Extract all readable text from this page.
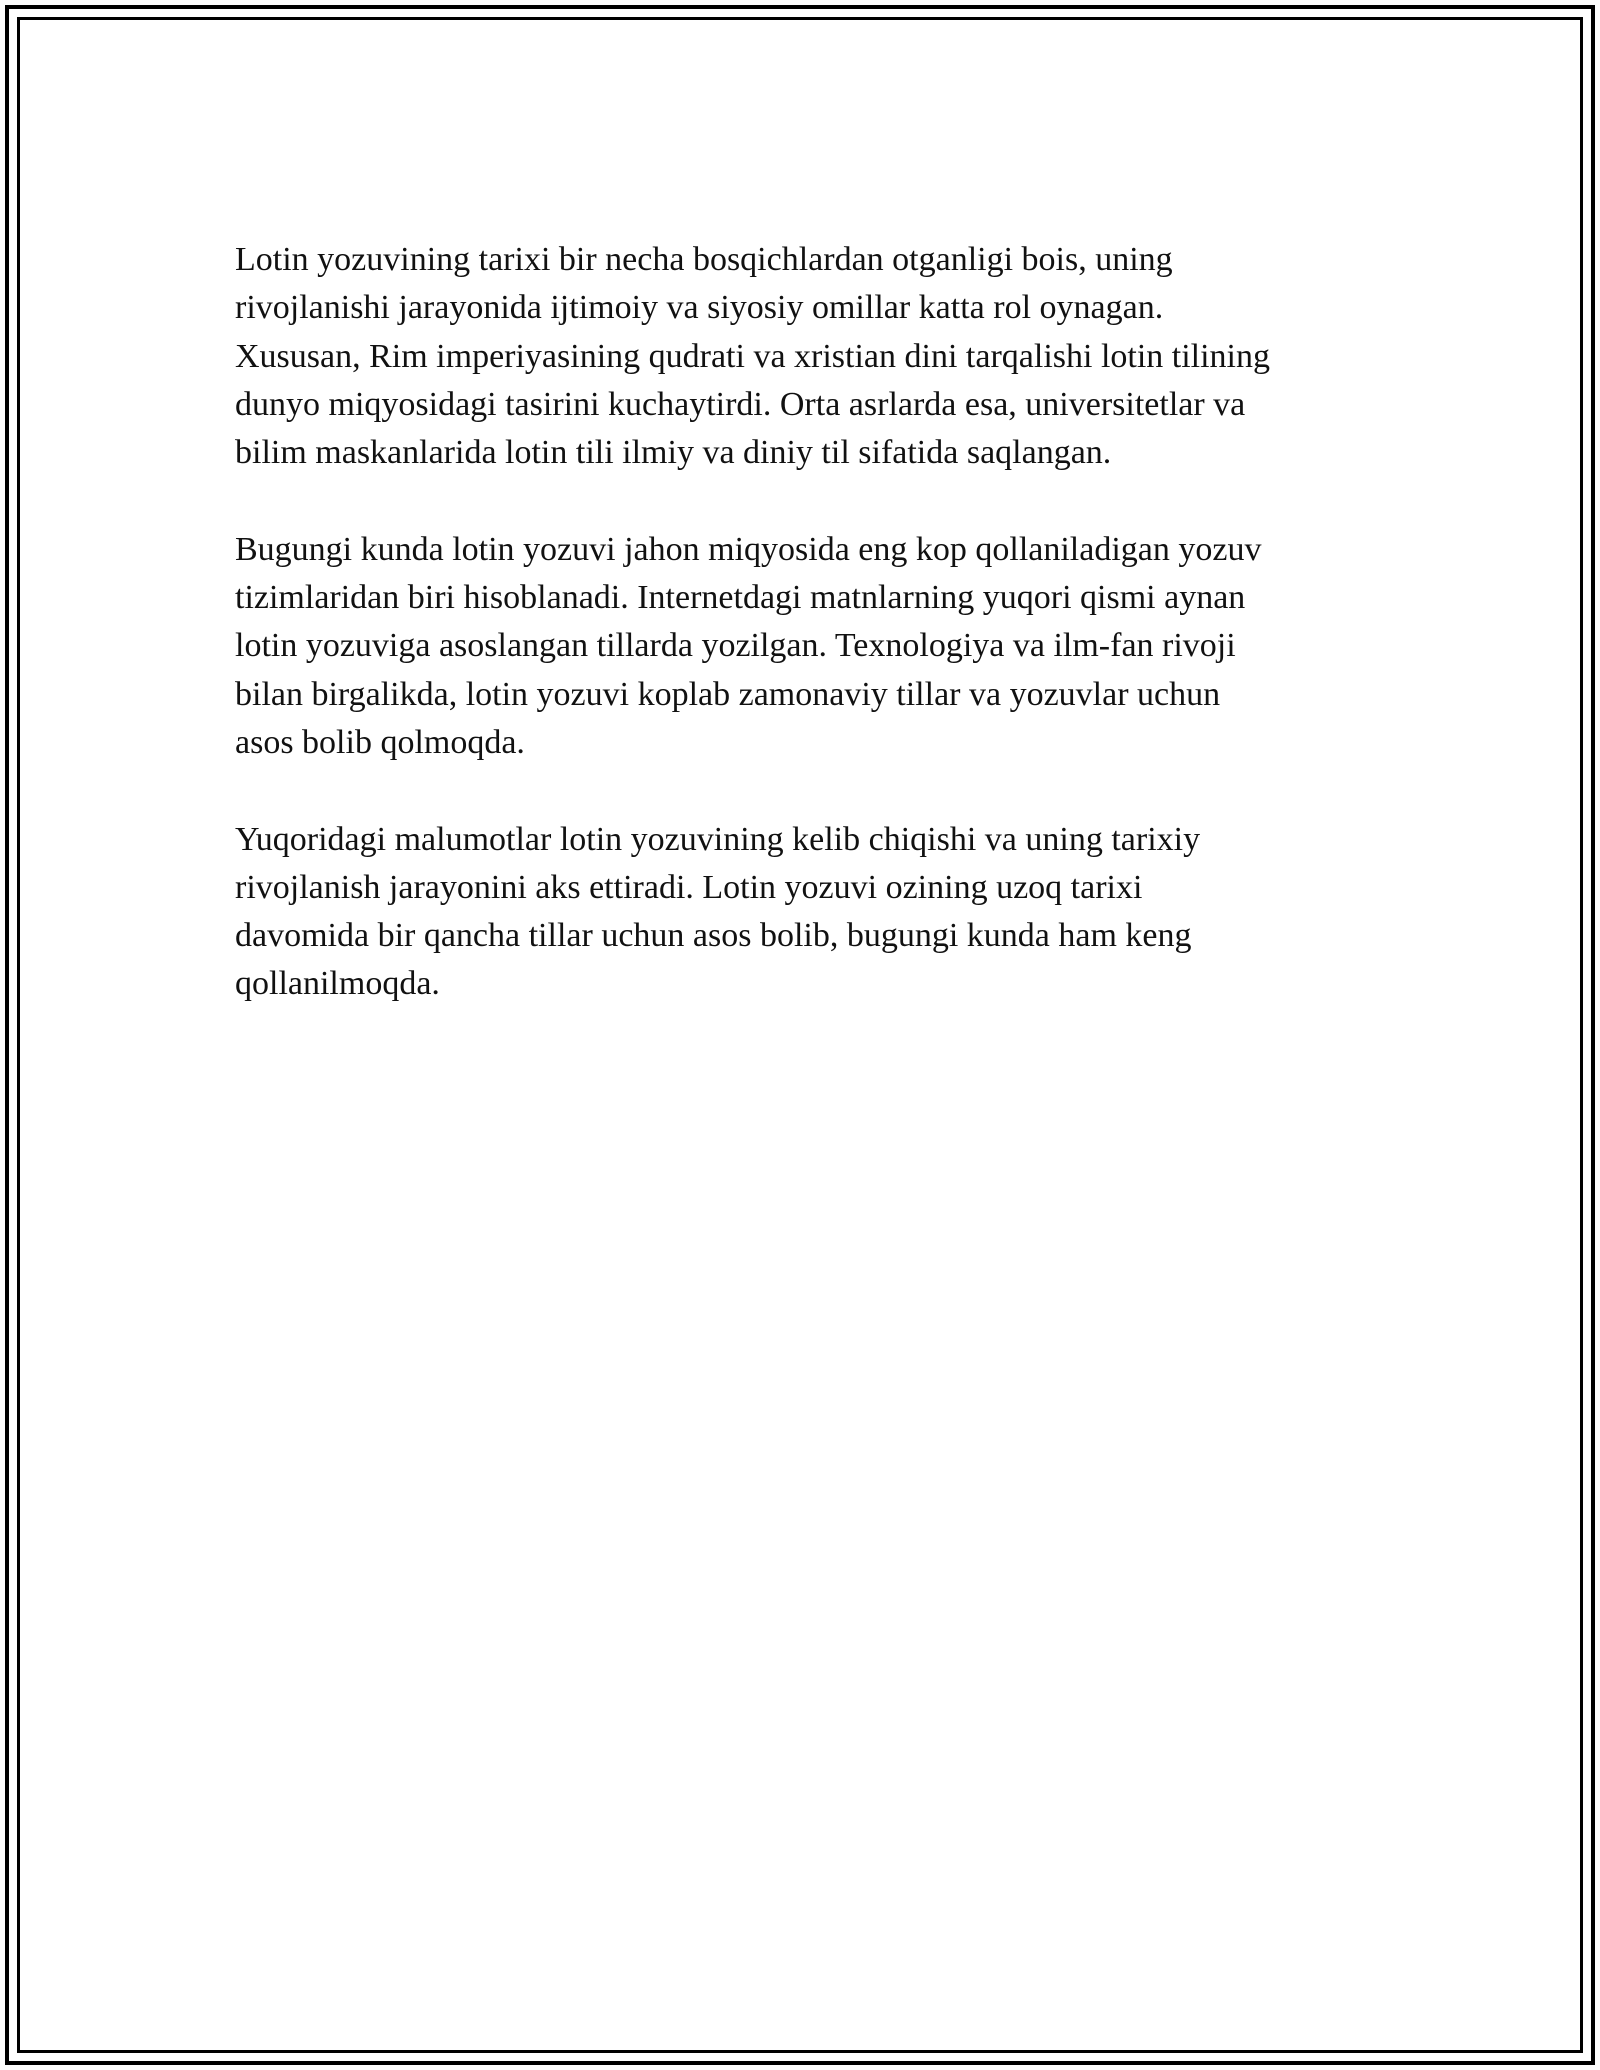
Lotin yozuvining tarixi bir necha bosqichlardan otganligi bois, uning
rivojlanishi jarayonida ijtimoiy va siyosiy omillar katta rol oynagan.
Xususan, Rim imperiyasining qudrati va xristian dini tarqalishi lotin tilining
dunyo miqyosidagi tasirini kuchaytirdi. Orta asrlarda esa, universitetlar va
bilim maskanlarida lotin tili ilmiy va diniy til sifatida saqlangan.

Bugungi kunda lotin yozuvi jahon miqyosida eng kop qollaniladigan yozuv
tizimlaridan biri hisoblanadi. Internetdagi matnlarning yuqori qismi aynan
lotin yozuviga asoslangan tillarda yozilgan. Texnologiya va ilm-fan rivoji
bilan birgalikda, lotin yozuvi koplab zamonaviy tillar va yozuvlar uchun
asos bolib qolmoqda.

Yuqoridagi malumotlar lotin yozuvining kelib chiqishi va uning tarixiy
rivojlanish jarayonini aks ettiradi. Lotin yozuvi ozining uzoq tarixi
davomida bir qancha tillar uchun asos bolib, bugungi kunda ham keng
qollanilmoqda.
